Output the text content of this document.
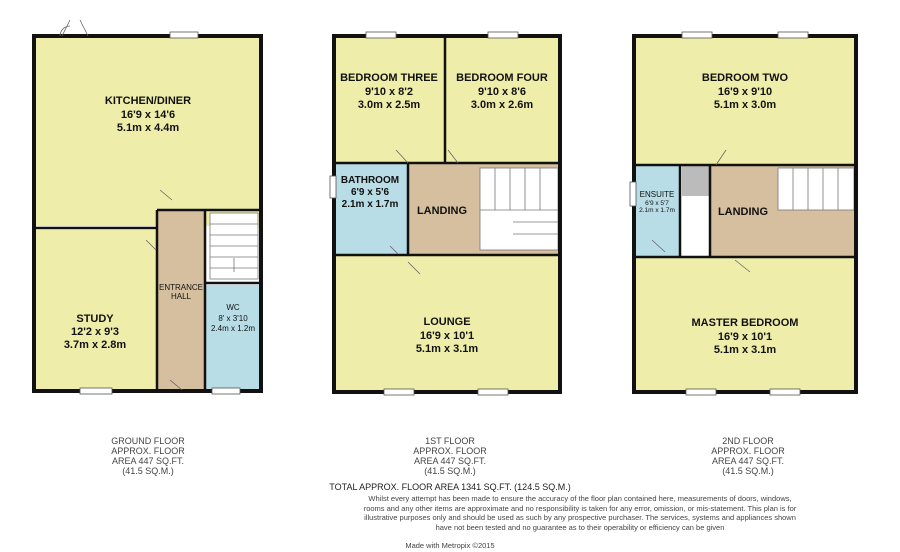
KITCHEN/DINER
16'9 x 14'6
5.1m x 4.4m
STUDY
12'2 x 9'3
3.7m x 2.8m
ENTRANCE
HALL
WC
8' x 3'10
2.4m x 1.2m
BEDROOM THREE
9'10 x 8'2
3.0m x 2.5m
BEDROOM FOUR
9'10 x 8'6
3.0m x 2.6m
BATHROOM
6'9 x 5'6
2.1m x 1.7m
LANDING
LOUNGE
16'9 x 10'1
5.1m x 3.1m
BEDROOM TWO
16'9 x 9'10
5.1m x 3.0m
ENSUITE
6'9 x 5'7
2.1m x 1.7m	LANDING
MASTER BEDROOM
16'9 x 10'1
5.1m x 3.1m
GROUND FLOOR
APPROX. FLOOR
AREA 447 SQ.FT.
(41.5 SQ.M.)
1ST FLOOR
APPROX. FLOOR
AREA 447 SQ.FT.
(41.5 SQ.M.)
2ND FLOOR
APPROX. FLOOR
AREA 447 SQ.FT.
(41.5 SQ.M.)
TOTAL APPROX. FLOOR AREA 1341 SQ.FT. (124.5 SQ.M.)
Whilst every attempt has been made to ensure the accuracy of the floor plan contained here, measurements of doors, windows, rooms and any other items are approximate and no responsibility is taken for any error, omission, or mis-statement. This plan is for illustrative purposes only and should be used as such by any prospective purchaser. The services, systems and appliances shown have not been tested and no guarantee as to their operability or efficiency can be given
Made with Metropix ©2015
